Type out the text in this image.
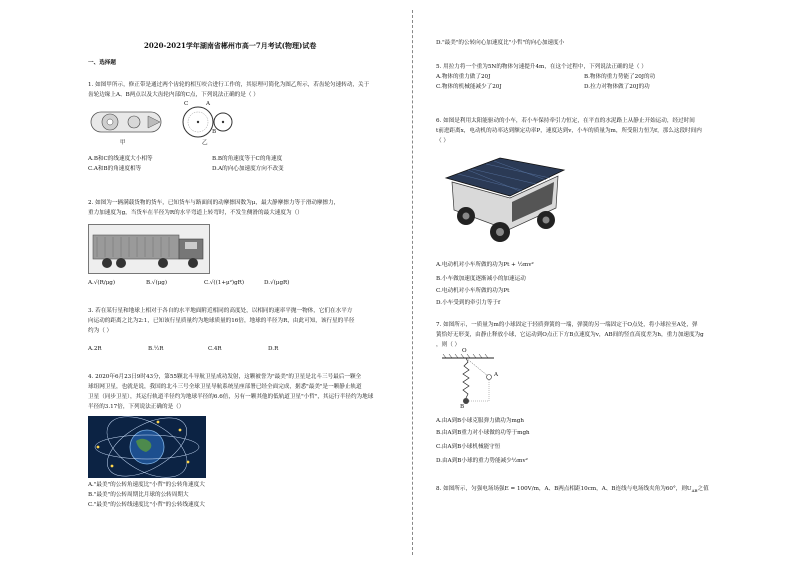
2020-2021学年湖南省郴州市高一7月考试(物理)试卷
一、选择题
1. 如图甲所示，修正带是通过两个齿轮的相互咬合进行工作的，其原理可简化为图乙所示，若齿轮匀速转动，关于
齿轮边缘上A、B两点以及大齿轮内部的C点，下列说法正确的是（ ）
甲
C	A
B
乙
A.B和C的线速度大小相等	B.B的角速度等于C的角速度
C.A和B的角速度相等	D.A的向心加速度方向不改变
2. 如图为一辆满载货物的货车，已知货车与路面间的动摩擦因数为μ，最大静摩擦力等于滑动摩擦力，
重力加速度为g，当货车在半径为R的水平弯道上转弯时，不发生侧滑的最大速度为（）
A.√(R/μg)	B.√(μg)	C.√((1+μ²)gR)	D.√(μgR)
3. 若在某行星和地球上相对于各自的水平地面附近相同的高度处，以相同的速率平抛一物体，它们在水平方
向运动的距离之比为2:1，已知该行星质量约为地球质量的16倍，地球的半径为R，由此可知，该行星的半径
约为（ ）
A.2R	B.½R	C.4R	D.R
4. 2020年6月23日9时43分，第55颗北斗导航卫星成功发射，这颗被誉为"最美"的卫星是北斗三号最后一颗全
球组网卫星，也就是说，我国的北斗三号全球卫星导航系统星座部署已经全面完成，据悉"最美"是一颗静止轨道
卫星（同步卫星），其运行轨道半径约为地球半径的6.6倍，另有一颗其他的低轨道卫星"小哲"，其运行半径约为地球
半径的3.17倍，下列说法正确的是（）
A."最美"的公转角速度比"小哲"的公转角速度大
B."最美"的公转周期比月球的公转周期大
C."最美"的公转线速度比"小哲"的公转线速度大
D."最美"的公转向心加速度比"小哲"的向心加速度小
5. 用拉力将一个重为5N的物体匀速提升4m，在这个过程中，下列说法正确的是（ ）
A.物体的重力做了20J	B.物体的重力势能了20J的功
C.物体的机械能减少了20J	D.拉力对物体做了20J的功
6. 如图是利用太阳能驱动的小车，若小车保持牵引力恒定，在平直的水泥路上从静止开始运动，经过时间
t前进距离x，电动机的功率达到额定功率P，速度达到v，小车的质量为m，所受阻力恒为f，那么这段时间内
（ ）
A.电动机对小车所做的功为Pt + ½mv²
B.小车做加速度逐渐减小的加速运动
C.电动机对小车所做的功为Pt
D.小车受到的牵引力等于f
7. 如图所示，一质量为m的小球固定于轻质弹簧的一端，弹簧的另一端固定于O点处，将小球拉至A处，弹
簧恰好无形变，由静止释放小球，它运动到O点正下方B点速度为v，AB间的竖直高度差为h，重力加速度为g
，则（ ）
O
A
B
A.由A到B小球克服弹力做功为mgh
B.由A到B重力对小球做的功等于mgh
C.由A到B小球机械能守恒
D.由A到B小球的重力势能减少½mv²
8. 如图所示，匀强电场场强E = 100V/m，A、B两点相距10cm，A、B连线与电场线夹角为60°，则$U_{AB}$之值
